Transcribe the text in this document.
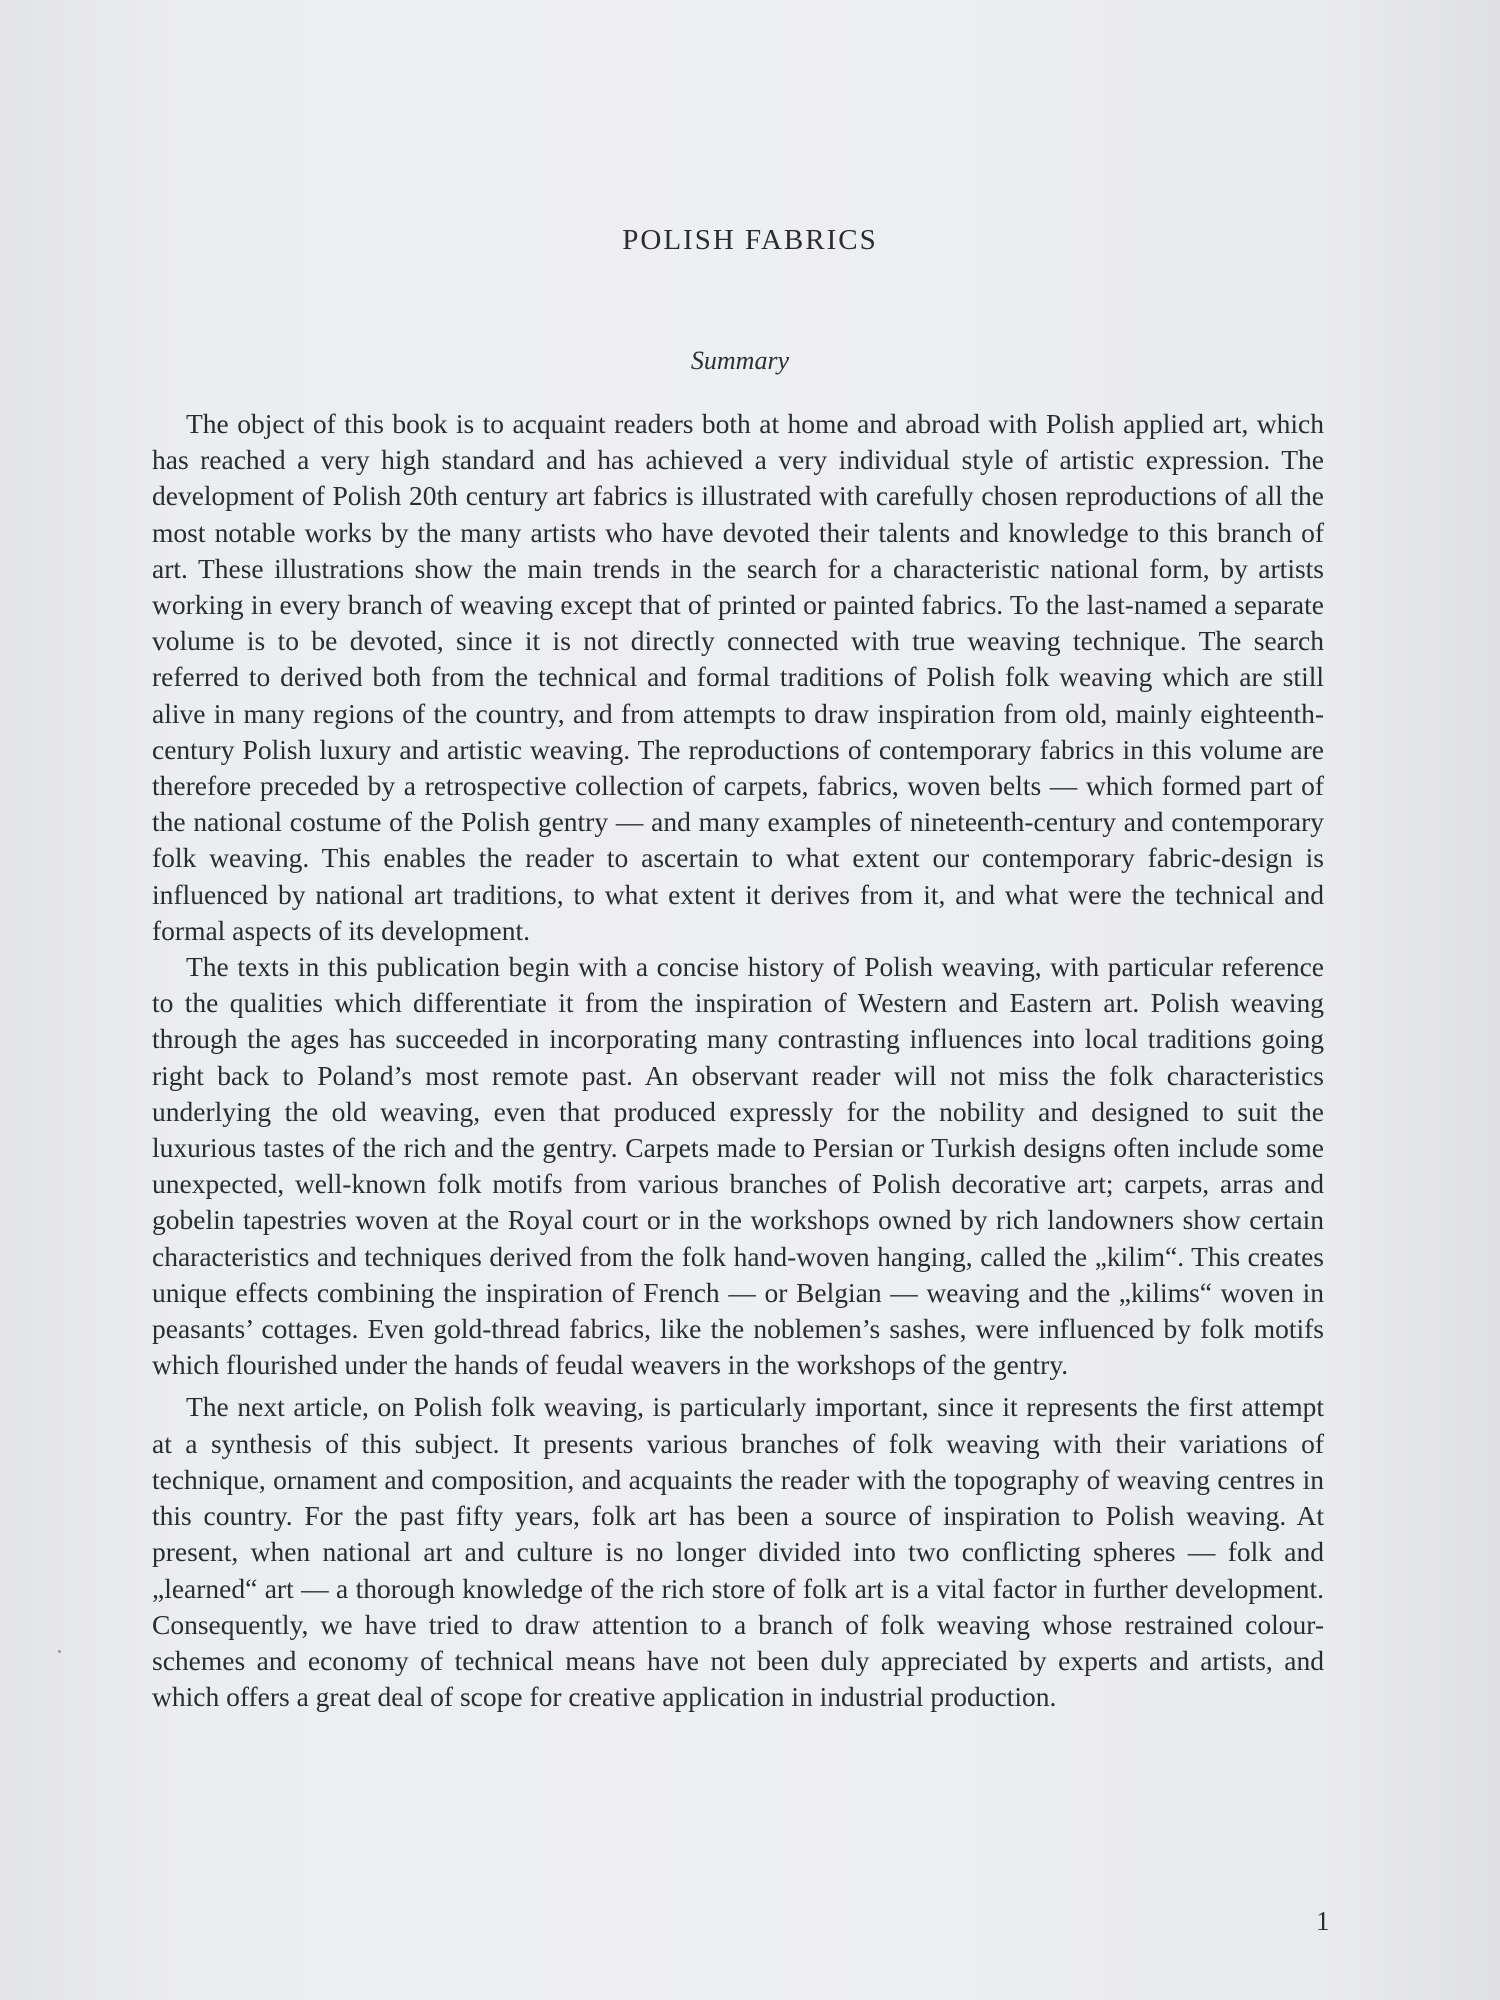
POLISH FABRICS
Summary

The object of this book is to acquaint readers both at home and abroad with Polish applied art, which has reached a very high standard and has achieved a very individual style of artistic expression. The development of Polish 20th century art fabrics is illustrated with carefully chosen reproductions of all the most notable works by the many artists who have devoted their talents and knowledge to this branch of art. These illustrations show the main trends in the search for a characteristic national form, by artists working in every branch of weaving except that of printed or painted fabrics. To the last-named a separate volume is to be devoted, since it is not directly connected with true weaving technique. The search referred to derived both from the technical and formal traditions of Polish folk weaving which are still alive in many regions of the country, and from attempts to draw inspiration from old, mainly eighteenth-century Polish luxury and artistic weaving. The reproductions of contemporary fabrics in this volume are therefore preceded by a retrospective collection of carpets, fabrics, woven belts — which formed part of the national costume of the Polish gentry — and many examples of nineteenth-century and contemporary folk weaving. This enables the reader to ascertain to what extent our contemporary fabric-design is influenced by national art traditions, to what extent it derives from it, and what were the technical and formal aspects of its development.

The texts in this publication begin with a concise history of Polish weaving, with particular reference to the qualities which differentiate it from the inspiration of Western and Eastern art. Polish weaving through the ages has succeeded in incorporating many contrasting influences into local traditions going right back to Poland’s most remote past. An observant reader will not miss the folk characteristics underlying the old weaving, even that produced expressly for the nobility and designed to suit the luxurious tastes of the rich and the gentry. Carpets made to Persian or Turkish designs often include some unexpected, well-known folk motifs from various branches of Polish decorative art; carpets, arras and gobelin tapestries woven at the Royal court or in the workshops owned by rich landowners show certain characteristics and techniques derived from the folk hand-woven hanging, called the „kilim“. This creates unique effects combining the inspiration of French — or Belgian — weaving and the „kilims“ woven in peasants’ cottages. Even gold-thread fabrics, like the noblemen’s sashes, were influenced by folk motifs which flourished under the hands of feudal weavers in the workshops of the gentry.

The next article, on Polish folk weaving, is particularly important, since it represents the first attempt at a synthesis of this subject. It presents various branches of folk weaving with their variations of technique, ornament and composition, and acquaints the reader with the topography of weaving centres in this country. For the past fifty years, folk art has been a source of inspiration to Polish weaving. At present, when national art and culture is no longer divided into two conflicting spheres — folk and „learned“ art — a thorough knowledge of the rich store of folk art is a vital factor in further development. Consequently, we have tried to draw attention to a branch of folk weaving whose restrained colour-schemes and economy of technical means have not been duly appreciated by experts and artists, and which offers a great deal of scope for creative application in industrial production.

1
